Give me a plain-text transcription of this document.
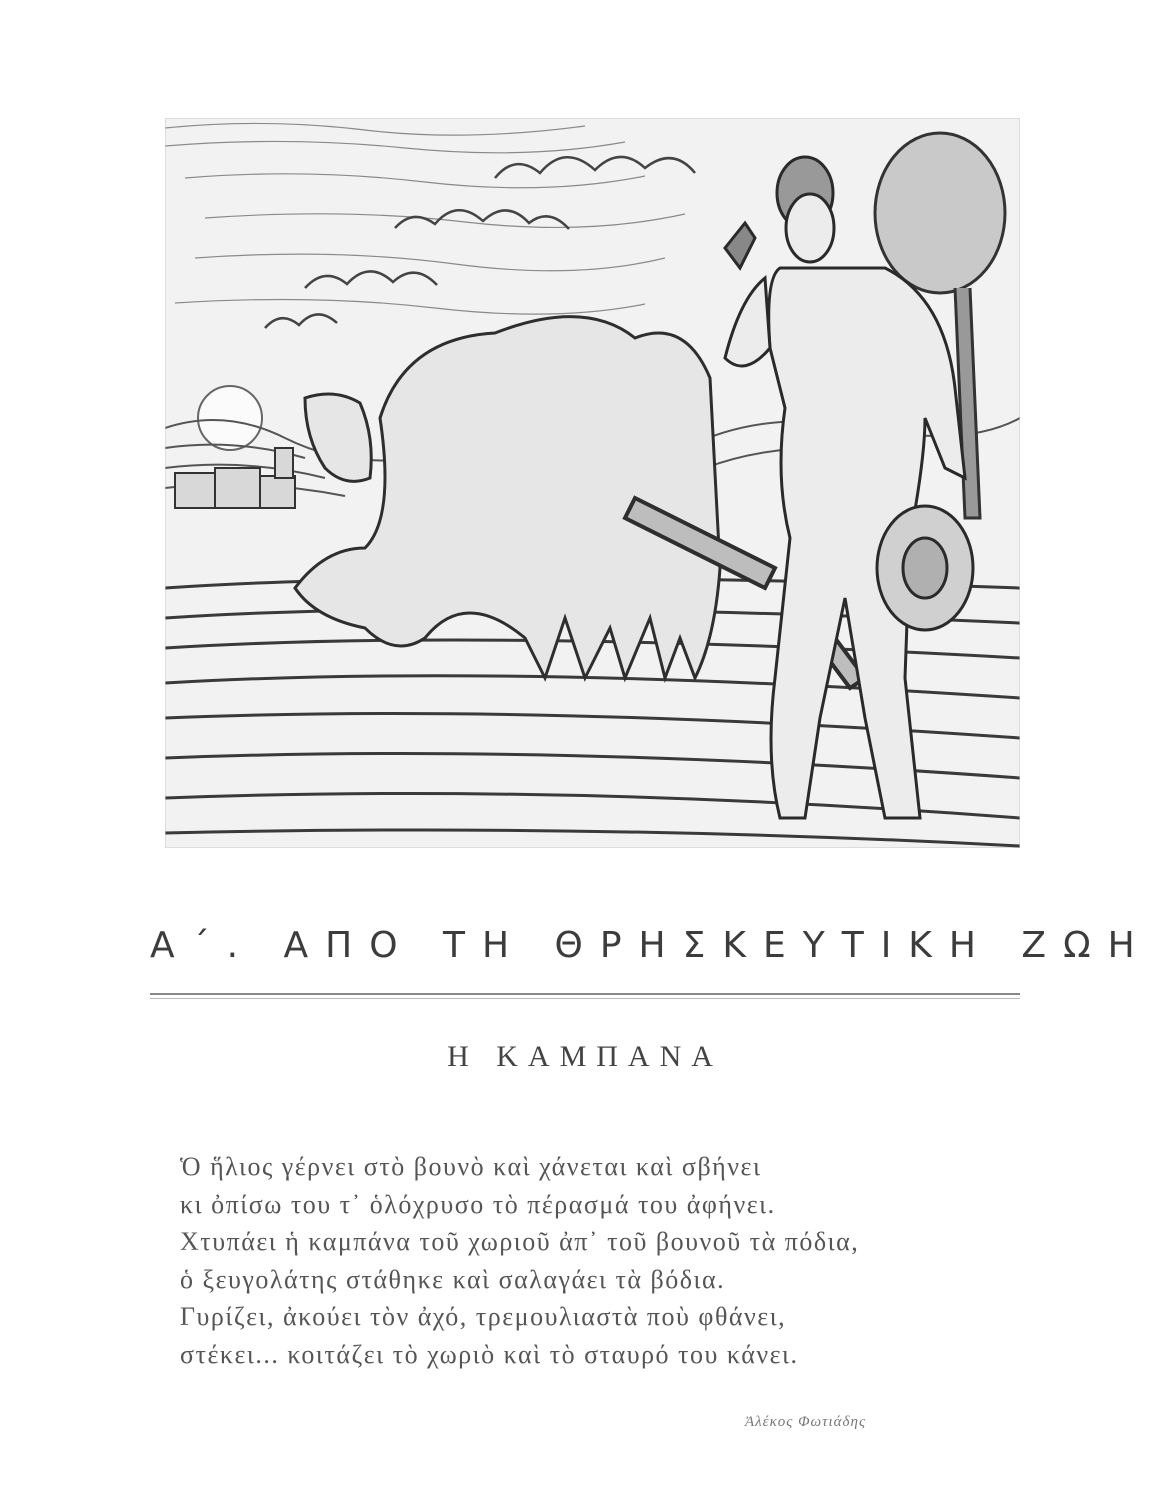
Α΄. ΑΠΟ ΤΗ ΘΡΗΣΚΕΥΤΙΚΗ ΖΩΗ
Η ΚΑΜΠΑΝΑ
Ὁ ἥλιος γέρνει στὸ βουνὸ καὶ χάνεται καὶ σβήνει
κι ὀπίσω του τ᾿ ὁλόχρυσο τὸ πέρασμά του ἀφήνει.
Χτυπάει ἡ καμπάνα τοῦ χωριοῦ ἀπ᾿ τοῦ βουνοῦ τὰ πόδια,
ὁ ξευγολάτης στάθηκε καὶ σαλαγάει τὰ βόδια.
Γυρίζει, ἀκούει τὸν ἀχό, τρεμουλιαστὰ ποὺ φθάνει,
στέκει... κοιτάζει τὸ χωριὸ καὶ τὸ σταυρό του κάνει.
Ἀλέκος Φωτιάδης
